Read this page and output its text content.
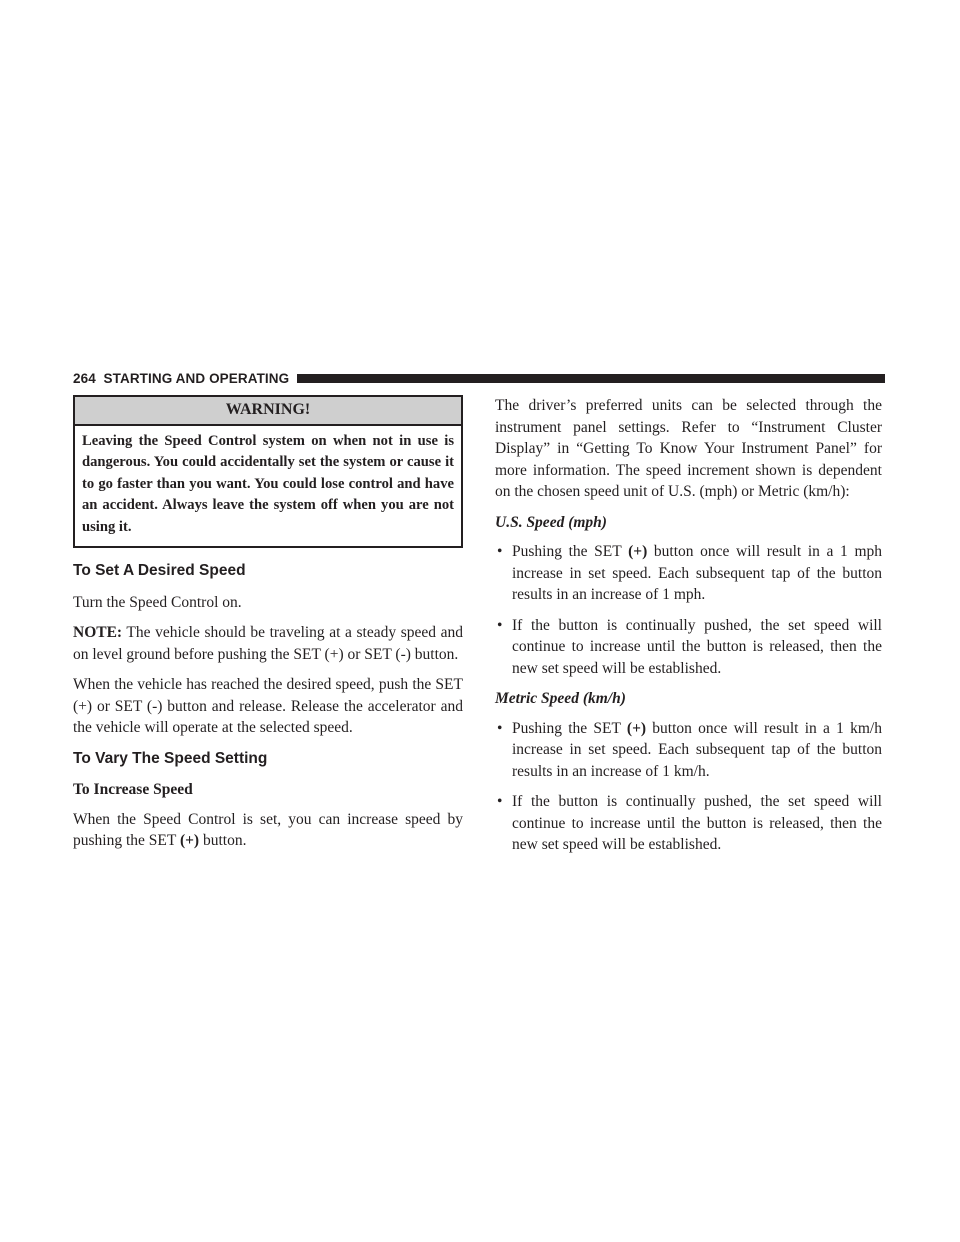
264 STARTING AND OPERATING
WARNING!
Leaving the Speed Control system on when not in use is dangerous. You could accidentally set the system or cause it to go faster than you want. You could lose control and have an accident. Always leave the system off when you are not using it.
To Set A Desired Speed

Turn the Speed Control on.

NOTE: The vehicle should be traveling at a steady speed and on level ground before pushing the SET (+) or SET (-) button.

When the vehicle has reached the desired speed, push the SET (+) or SET (-) button and release. Release the accelerator and the vehicle will operate at the selected speed.

To Vary The Speed Setting
To Increase Speed

When the Speed Control is set, you can increase speed by pushing the SET (+) button.

The driver’s preferred units can be selected through the instrument panel settings. Refer to “Instrument Cluster Display” in “Getting To Know Your Instrument Panel” for more information. The speed increment shown is dependent on the chosen speed unit of U.S. (mph) or Metric (km/h):

U.S. Speed (mph)
• Pushing the SET (+) button once will result in a 1 mph increase in set speed. Each subsequent tap of the button results in an increase of 1 mph.
• If the button is continually pushed, the set speed will continue to increase until the button is released, then the new set speed will be established.
Metric Speed (km/h)
• Pushing the SET (+) button once will result in a 1 km/h increase in set speed. Each subsequent tap of the button results in an increase of 1 km/h.
• If the button is continually pushed, the set speed will continue to increase until the button is released, then the new set speed will be established.
